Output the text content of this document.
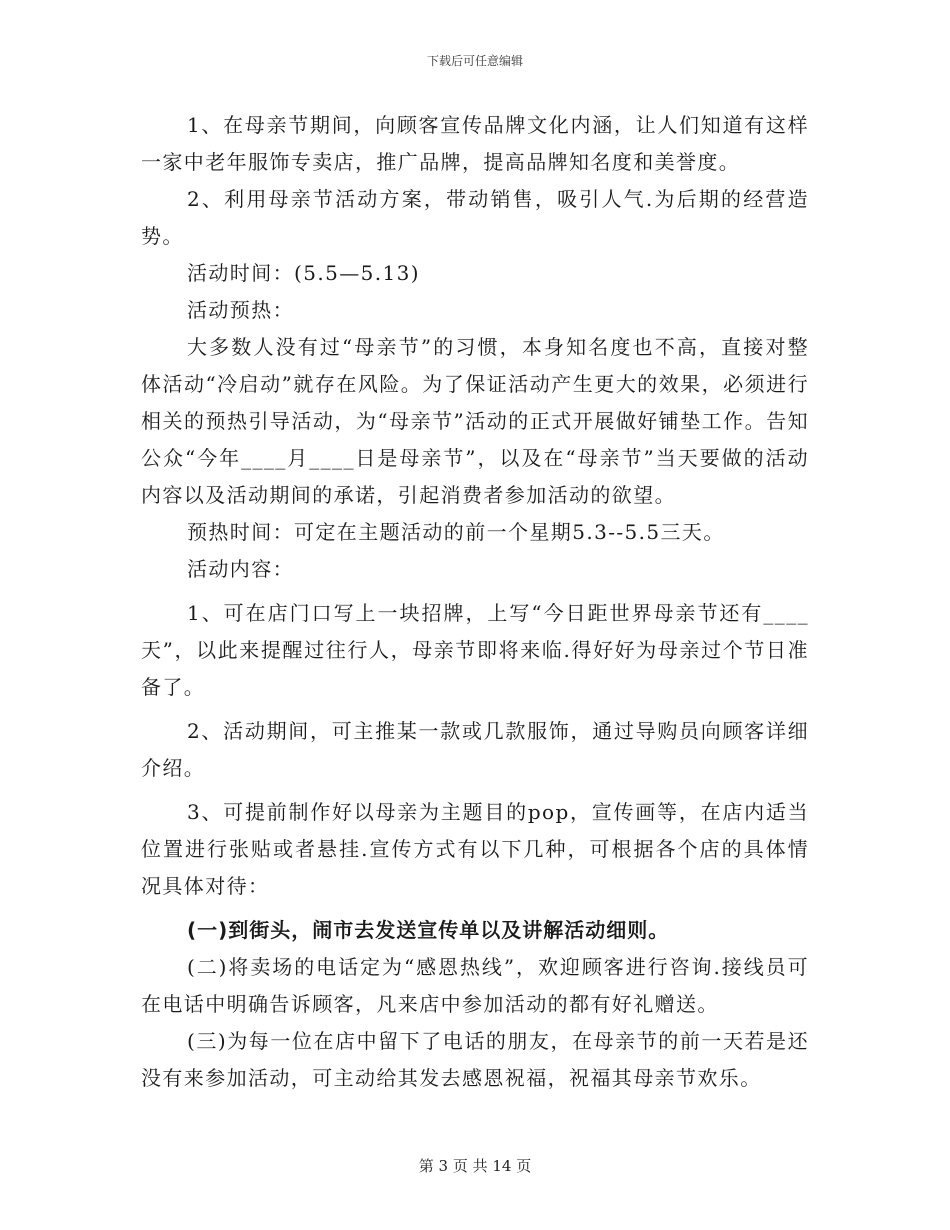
下载后可任意编辑

1、在母亲节期间，向顾客宣传品牌文化内涵，让人们知道有这样一家中老年服饰专卖店，推广品牌，提高品牌知名度和美誉度。

2、利用母亲节活动方案，带动销售，吸引人气.为后期的经营造势。

活动时间：(5.5—5.13)

活动预热：

大多数人没有过“母亲节”的习惯，本身知名度也不高，直接对整体活动“冷启动”就存在风险。为了保证活动产生更大的效果，必须进行相关的预热引导活动，为“母亲节”活动的正式开展做好铺垫工作。告知公众“今年____月____日是母亲节”，以及在“母亲节”当天要做的活动内容以及活动期间的承诺，引起消费者参加活动的欲望。

预热时间：可定在主题活动的前一个星期5.3--5.5三天。

活动内容：

1、可在店门口写上一块招牌，上写“今日距世界母亲节还有____天”，以此来提醒过往行人，母亲节即将来临.得好好为母亲过个节日准备了。

2、活动期间，可主推某一款或几款服饰，通过导购员向顾客详细介绍。

3、可提前制作好以母亲为主题目的pop，宣传画等，在店内适当位置进行张贴或者悬挂.宣传方式有以下几种，可根据各个店的具体情况具体对待：

(一)到街头，闹市去发送宣传单以及讲解活动细则。

(二)将卖场的电话定为“感恩热线”，欢迎顾客进行咨询.接线员可在电话中明确告诉顾客，凡来店中参加活动的都有好礼赠送。

(三)为每一位在店中留下了电话的朋友，在母亲节的前一天若是还没有来参加活动，可主动给其发去感恩祝福，祝福其母亲节欢乐。

第 3 页 共 14 页
